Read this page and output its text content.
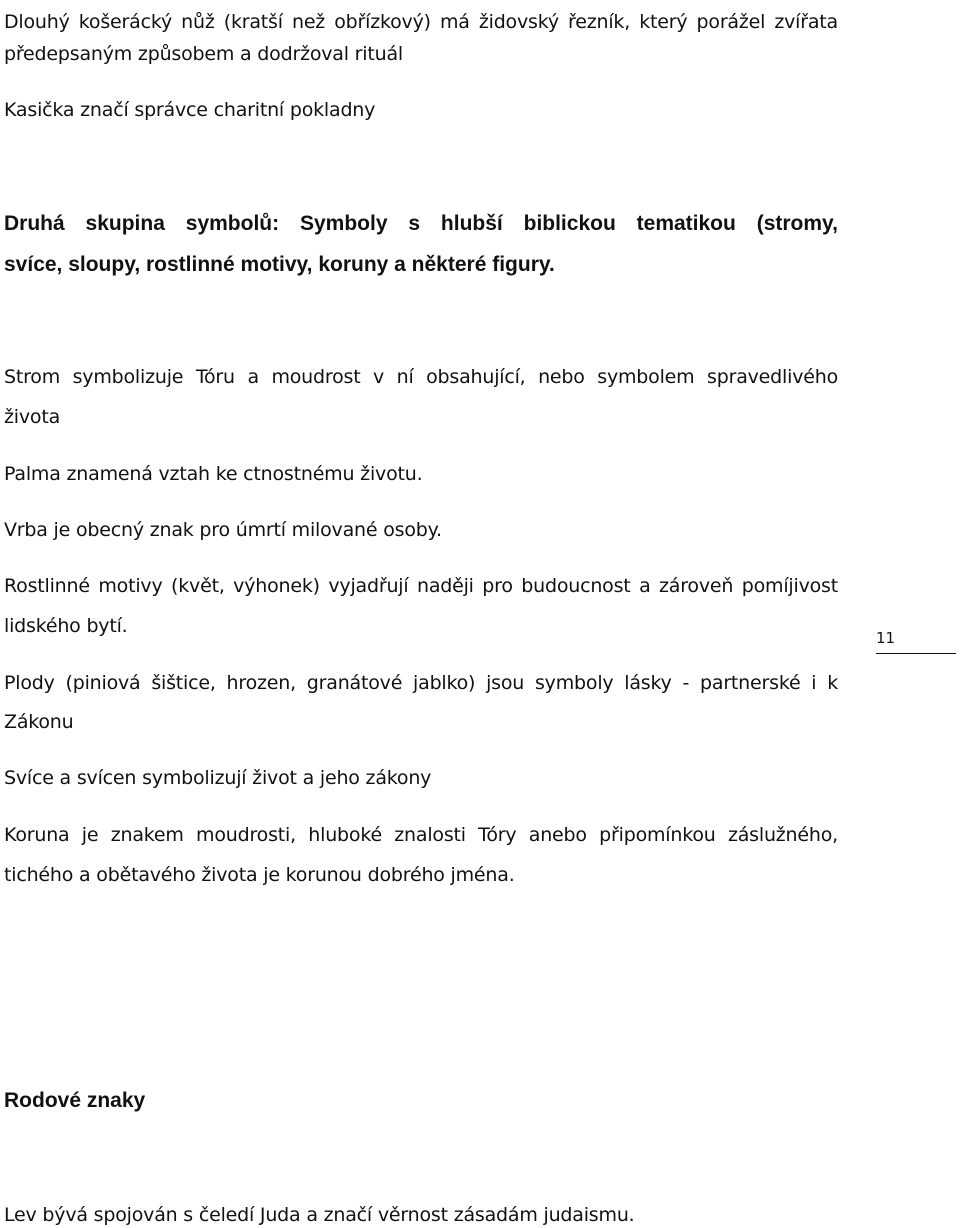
Dlouhý košerácký nůž (kratší než obřízkový) má židovský řezník, který porážel zvířata

předepsaným způsobem a dodržoval rituál

Kasička značí správce charitní pokladny

Druhá skupina symbolů: Symboly s hlubší biblickou tematikou (stromy,

svíce, sloupy, rostlinné motivy, koruny a některé figury.

Strom symbolizuje Tóru a moudrost v ní obsahující, nebo symbolem spravedlivého

života

Palma znamená vztah ke ctnostnému životu.

Vrba je obecný znak pro úmrtí milované osoby.

Rostlinné motivy (květ, výhonek) vyjadřují naději pro budoucnost a zároveň pomíjivost

lidského bytí.

11

Plody (piniová šištice, hrozen, granátové jablko) jsou symboly lásky - partnerské i k

Zákonu

Svíce a svícen symbolizují život a jeho zákony

Koruna je znakem moudrosti, hluboké znalosti Tóry anebo připomínkou záslužného,

tichého a obětavého života je korunou dobrého jména.

Rodové znaky

Lev bývá spojován s čeledí Juda a značí věrnost zásadám judaismu.
